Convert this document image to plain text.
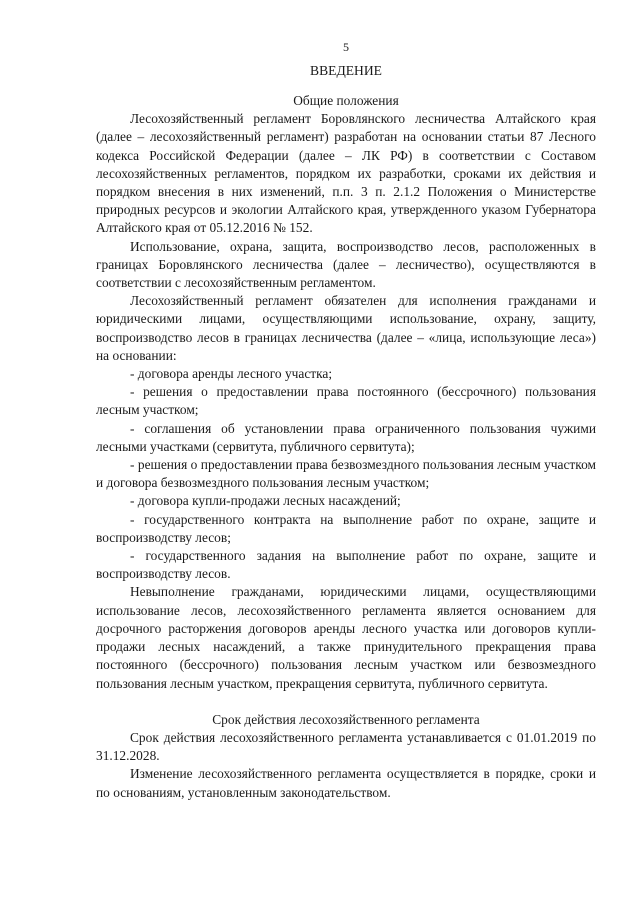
5
ВВЕДЕНИЕ
Общие положения

Лесохозяйственный регламент Боровлянского лесничества Алтайского края (далее – лесохозяйственный регламент) разработан на основании статьи 87 Лесного кодекса Российской Федерации (далее – ЛК РФ) в соответствии с Составом лесохозяйственных регламентов, порядком их разработки, сроками их действия и порядком внесения в них изменений, п.п. 3 п. 2.1.2 Положения о Министерстве природных ресурсов и экологии Алтайского края, утвержденного указом Губернатора Алтайского края от 05.12.2016 № 152.

Использование, охрана, защита, воспроизводство лесов, расположенных в границах Боровлянского лесничества (далее – лесничество), осуществляются в соответствии с лесохозяйственным регламентом.

Лесохозяйственный регламент обязателен для исполнения гражданами и юридическими лицами, осуществляющими использование, охрану, защиту, воспроизводство лесов в границах лесничества (далее – «лица, использующие леса») на основании:

- договора аренды лесного участка;
- решения о предоставлении права постоянного (бессрочного) пользования лесным участком;
- соглашения об установлении права ограниченного пользования чужими лесными участками (сервитута, публичного сервитута);
- решения о предоставлении права безвозмездного пользования лесным участком и договора безвозмездного пользования лесным участком;
- договора купли-продажи лесных насаждений;
- государственного контракта на выполнение работ по охране, защите и воспроизводству лесов;
- государственного задания на выполнение работ по охране, защите и воспроизводству лесов.

Невыполнение гражданами, юридическими лицами, осуществляющими использование лесов, лесохозяйственного регламента является основанием для досрочного расторжения договоров аренды лесного участка или договоров купли-продажи лесных насаждений, а также принудительного прекращения права постоянного (бессрочного) пользования лесным участком или безвозмездного пользования лесным участком, прекращения сервитута, публичного сервитута.

Срок действия лесохозяйственного регламента

Срок действия лесохозяйственного регламента устанавливается с 01.01.2019 по 31.12.2028.

Изменение лесохозяйственного регламента осуществляется в порядке, сроки и по основаниям, установленным законодательством.
